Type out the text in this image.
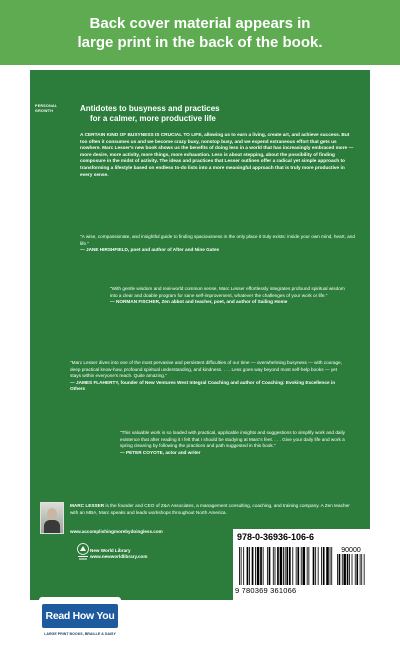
Back cover material appears in
large print in the back of the book.
PERSONAL GROWTH	Antidotes to busyness and practices
for a calmer, more productive life
A CERTAIN KIND OF BUSYNESS IS CRUCIAL TO LIFE, allowing us to earn a living, create art, and achieve success. But too often it consumes us and we become crazy busy, nonstop busy, and we expend extraneous effort that gets us nowhere. Marc Lesser's new book shows us the benefits of doing less in a world that has increasingly embraced more — more desire, more activity, more things, more exhaustion. Less is about stepping, about the possibility of finding composure in the midst of activity. The ideas and practices that Lesser outlines offer a radical yet simple approach to transforming a lifestyle based on endless to-do lists into a more meaningful approach that is truly more productive in every sense.
"A wise, compassionate, and insightful guide to finding spaciousness in the only place it truly exists: inside your own mind, heart, and life."
— JANE HIRSHFIELD, poet and author of After and Nine Gates
"With gentle wisdom and real-world common sense, Marc Lesser effortlessly integrates profound spiritual wisdom into a clear and doable program for sane self-improvement, whatever the challenges of your work or life."
— NORMAN FISCHER, Zen abbot and teacher, poet, and author of Sailing Home
"Marc Lesser dives into one of the most pervasive and persistent difficulties of our time — overwhelming busyness — with courage, deep practical know-how, profound spiritual understanding, and kindness. . . . Less goes way beyond most self-help books — yet stays within everyone's reach. Quite amazing."
— JAMES FLAHERTY, founder of New Ventures West Integral Coaching and author of Coaching: Evoking Excellence in Others
"This valuable work is so loaded with practical, applicable insights and suggestions to simplify work and daily existence that after reading it I felt that I should be studying at Marc's feet. . . . Give your daily life and work a spring cleaning by following the practices and path suggested in this book."
— PETER COYOTE, actor and writer
MARC LESSER is the founder and CEO of Z&A Associates, a management consulting, coaching, and training company. A Zen teacher with an MBA, Marc speaks and leads workshops throughout North America.
www.accomplishingmorebydoingless.com
New World Library
www.newworldlibrary.com
978-0-36936-106-6
90000
9 780369 361066
Read How You Want
LARGE PRINT BOOKS, BRAILLE & DAISY
